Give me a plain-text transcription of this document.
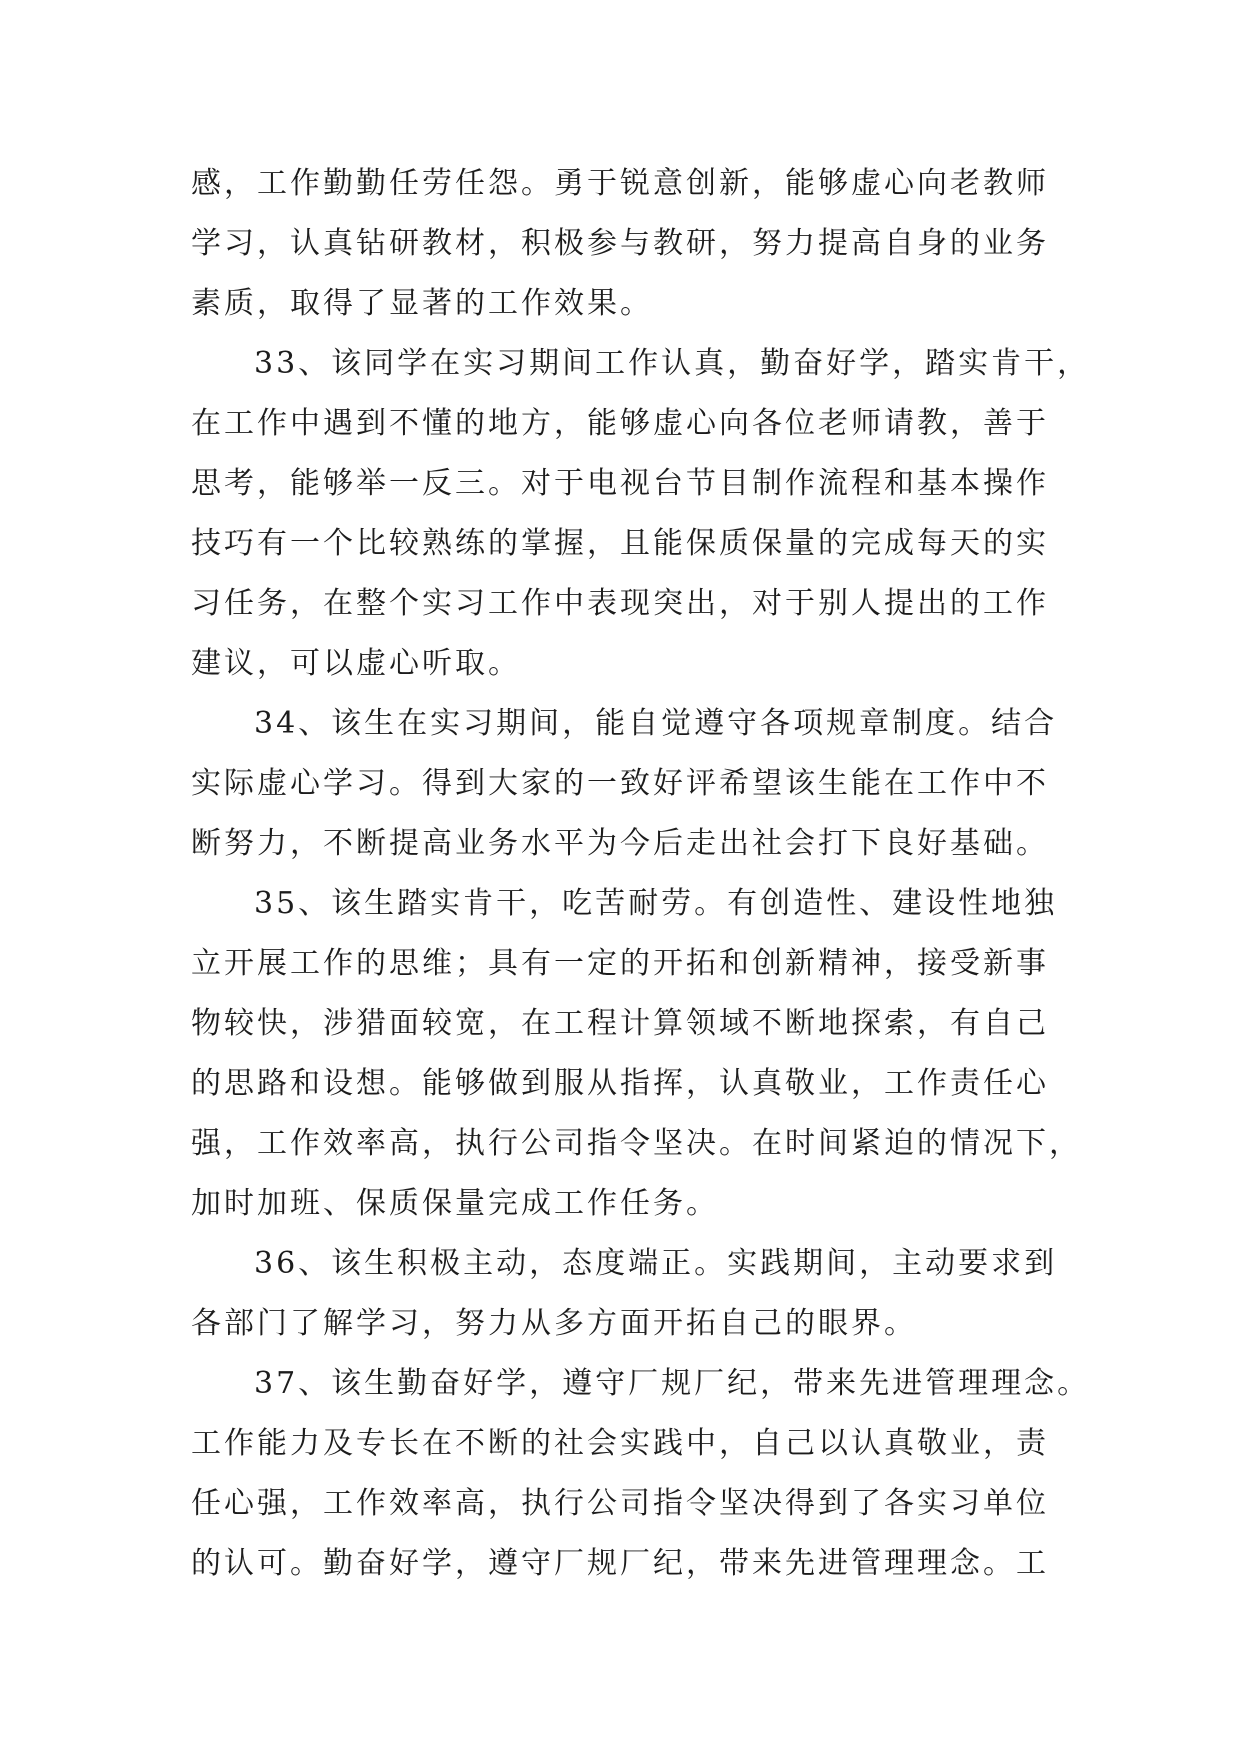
感，工作勤勤任劳任怨。勇于锐意创新，能够虚心向老教师
学习，认真钻研教材，积极参与教研，努力提高自身的业务
素质，取得了显著的工作效果。
33、该同学在实习期间工作认真，勤奋好学，踏实肯干，
在工作中遇到不懂的地方，能够虚心向各位老师请教，善于
思考，能够举一反三。对于电视台节目制作流程和基本操作
技巧有一个比较熟练的掌握，且能保质保量的完成每天的实
习任务，在整个实习工作中表现突出，对于别人提出的工作
建议，可以虚心听取。
34、该生在实习期间，能自觉遵守各项规章制度。结合
实际虚心学习。得到大家的一致好评希望该生能在工作中不
断努力，不断提高业务水平为今后走出社会打下良好基础。
35、该生踏实肯干，吃苦耐劳。有创造性、建设性地独
立开展工作的思维；具有一定的开拓和创新精神，接受新事
物较快，涉猎面较宽，在工程计算领域不断地探索，有自己
的思路和设想。能够做到服从指挥，认真敬业，工作责任心
强，工作效率高，执行公司指令坚决。在时间紧迫的情况下，
加时加班、保质保量完成工作任务。
36、该生积极主动，态度端正。实践期间，主动要求到
各部门了解学习，努力从多方面开拓自己的眼界。
37、该生勤奋好学，遵守厂规厂纪，带来先进管理理念。
工作能力及专长在不断的社会实践中，自己以认真敬业，责
任心强，工作效率高，执行公司指令坚决得到了各实习单位
的认可。勤奋好学，遵守厂规厂纪，带来先进管理理念。工
